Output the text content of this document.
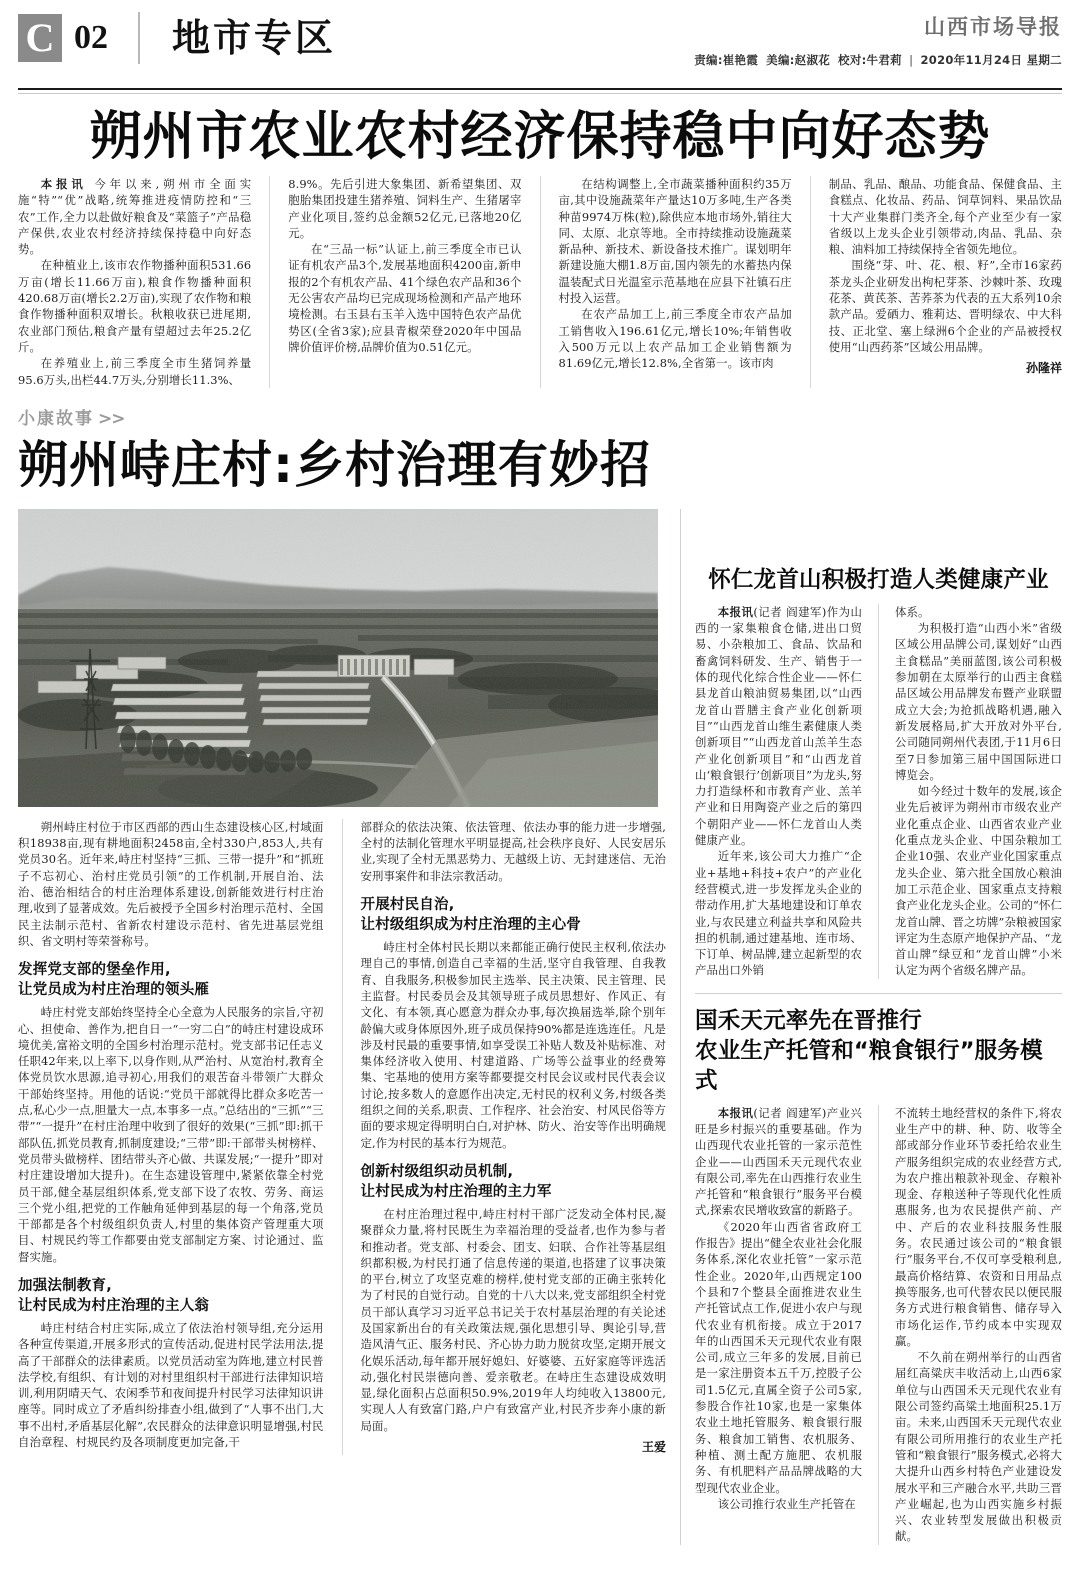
C 02 地市专区	山西市场导报
责编:崔艳霞 美编:赵淑花 校对:牛君莉 | 2020年11月24日 星期二
朔州市农业农村经济保持稳中向好态势

本报讯 今年以来,朔州市全面实施“特”“优”战略,统筹推进疫情防控和“三农”工作,全力以赴做好粮食及“菜篮子”产品稳产保供,农业农村经济持续保持稳中向好态势。

在种植业上,该市农作物播种面积531.66万亩(增长11.66万亩),粮食作物播种面积420.68万亩(增长2.2万亩),实现了农作物和粮食作物播种面积双增长。秋粮收获已进尾期,农业部门预估,粮食产量有望超过去年25.2亿斤。

在养殖业上,前三季度全市生猪饲养量95.6万头,出栏44.7万头,分别增长11.3%、

8.9%。先后引进大象集团、新希望集团、双胞胎集团投建生猪养殖、饲料生产、生猪屠宰产业化项目,签约总金额52亿元,已落地20亿元。

在“三品一标”认证上,前三季度全市已认证有机农产品3个,发展基地面积4200亩,新申报的2个有机农产品、41个绿色农产品和36个无公害农产品均已完成现场检测和产品产地环境检测。右玉县右玉羊入选中国特色农产品优势区(全省3家);应县青椒荣登2020年中国品牌价值评价榜,品牌价值为0.51亿元。

在结构调整上,全市蔬菜播种面积约35万亩,其中设施蔬菜年产量达10万多吨,生产各类种苗9974万株(粒),除供应本地市场外,销往大同、太原、北京等地。全市持续推动设施蔬菜新品种、新技术、新设备技术推广。谋划明年新建设施大棚1.8万亩,国内领先的水蓄热内保温装配式日光温室示范基地在应县下社镇石庄村投入运营。

在农产品加工上,前三季度全市农产品加工销售收入196.61亿元,增长10%;年销售收入500万元以上农产品加工企业销售额为81.69亿元,增长12.8%,全省第一。该市肉

制品、乳品、酿品、功能食品、保健食品、主食糕点、化妆品、药品、饲草饲料、果品饮品十大产业集群门类齐全,每个产业至少有一家省级以上龙头企业引领带动,肉品、乳品、杂粮、油料加工持续保持全省领先地位。

围绕“芽、叶、花、根、籽”,全市16家药茶龙头企业研发出枸杞芽茶、沙棘叶茶、玫瑰花茶、黄芪茶、苦荞茶为代表的五大系列10余款产品。爱硒力、雅莉达、晋明绿农、中大科技、正北堂、塞上绿洲6个企业的产品被授权使用“山西药茶”区域公用品牌。

孙隆祥
小康故事 >>
朔州峙庄村:乡村治理有妙招

朔州峙庄村位于市区西部的西山生态建设核心区,村域面积18938亩,现有耕地面积2458亩,全村330户,853人,共有党员30名。近年来,峙庄村坚持“三抓、三带一提升”和“抓班子不忘初心、治村庄党员引领”的工作机制,开展自治、法治、德治相结合的村庄治理体系建设,创新能效进行村庄治理,收到了显著成效。先后被授予全国乡村治理示范村、全国民主法制示范村、省新农村建设示范村、省先进基层党组织、省文明村等荣誉称号。

发挥党支部的堡垒作用,
让党员成为村庄治理的领头雁

峙庄村党支部始终坚持全心全意为人民服务的宗旨,守初心、担使命、善作为,把自日一“一穷二白”的峙庄村建设成环境优美,富裕文明的全国乡村治理示范村。党支部书记任志义任职42年来,以上率下,以身作则,从严治村、从宽治村,教育全体党员饮水思源,追寻初心,用我们的艰苦奋斗带领广大群众干部始终坚持。用他的话说:“党员干部就得比群众多吃苦一点,私心少一点,胆量大一点,本事多一点。”总结出的“三抓”“三带”“一提升”在村庄治理中收到了很好的效果(“三抓”即:抓干部队伍,抓党员教育,抓制度建设;“三带”即:干部带头树榜样、党员带头做榜样、团结带头齐心做、共谋发展;“一提升”即对村庄建设增加大提升)。在生态建设管理中,紧紧依靠全村党员干部,健全基层组织体系,党支部下设了农牧、劳务、商运三个党小组,把党的工作触角延伸到基层的每一个角落,党员干部都是各个村级组织负责人,村里的集体资产管理重大项目、村规民约等工作都要由党支部制定方案、讨论通过、监督实施。

加强法制教育,
让村民成为村庄治理的主人翁

峙庄村结合村庄实际,成立了依法治村领导组,充分运用各种宣传渠道,开展多形式的宣传活动,促进村民学法用法,提高了干部群众的法律素质。以党员活动室为阵地,建立村民普法学校,有组织、有计划的对村里组织村干部进行法律知识培训,利用阴晴天气、农闲季节和夜间提升村民学习法律知识讲座等。同时成立了矛盾纠纷排查小组,做到了“人事不出门,大事不出村,矛盾基层化解”,农民群众的法律意识明显增强,村民自治章程、村规民约及各项制度更加完备,干

部群众的依法决策、依法管理、依法办事的能力进一步增强,全村的法制化管理水平明显提高,社会秩序良好、人民安居乐业,实现了全村无黑恶势力、无越级上访、无封建迷信、无治安刑事案件和非法宗教活动。

开展村民自治,
让村级组织成为村庄治理的主心骨

峙庄村全体村民长期以来都能正确行使民主权利,依法办理自己的事情,创造自己幸福的生活,坚守自我管理、自我教育、自我服务,积极参加民主选举、民主决策、民主管理、民主监督。村民委员会及其领导班子成员思想好、作风正、有文化、有本领,真心愿意为群众办事,每次换届选举,除个别年龄偏大或身体原因外,班子成员保持90%都是连选连任。凡是涉及村民最的重要事情,如享受误工补贴人数及补贴标准、对集体经济收入使用、村建道路、广场等公益事业的经费筹集、宅基地的使用方案等都要提交村民会议或村民代表会议讨论,按多数人的意愿作出决定,无村民的权利义务,村级各类组织之间的关系,职责、工作程序、社会治安、村风民俗等方面的要求规定得明明白白,对护林、防火、治安等作出明确规定,作为村民的基本行为规范。

创新村级组织动员机制,
让村民成为村庄治理的主力军

在村庄治理过程中,峙庄村村干部广泛发动全体村民,凝聚群众力量,将村民既生为幸福治理的受益者,也作为参与者和推动者。党支部、村委会、团支、妇联、合作社等基层组织都积极,为村民打通了信息传递的渠道,也搭建了议事决策的平台,树立了攻坚克难的榜样,使村党支部的正确主张转化为了村民的自觉行动。自党的十八大以来,党支部组织全村党员干部认真学习习近平总书记关于农村基层治理的有关论述及国家新出台的有关政策法规,强化思想引导、舆论引导,营造风清气正、服务村民、齐心协力助力脱贫攻坚,定期开展文化娱乐活动,每年都开展好媳妇、好婆婆、五好家庭等评选活动,强化村民崇德向善、爱亲敬老。在峙庄生态建设成效明显,绿化面积占总面积50.9%,2019年人均纯收入13800元,实现人人有致富门路,户户有致富产业,村民齐步奔小康的新局面。

王爱
怀仁龙首山积极打造人类健康产业

本报讯(记者 阎建军)作为山西的一家集粮食仓储,进出口贸易、小杂粮加工、食品、饮品和畜禽饲料研发、生产、销售于一体的现代化综合性企业——怀仁县龙首山粮油贸易集团,以“山西龙首山晋膳主食产业化创新项目”“山西龙首山维生素健康人类创新项目”“山西龙首山羔羊生态产业化创新项目”和“山西龙首山‘粮食银行’创新项目”为龙头,努力打造绿杯和市教育产业、羔羊产业和日用陶瓷产业之后的第四个朝阳产业——怀仁龙首山人类健康产业。

近年来,该公司大力推广“企业+基地+科技+农户”的产业化经营模式,进一步发挥龙头企业的带动作用,扩大基地建设和订单农业,与农民建立利益共享和风险共担的机制,通过建基地、连市场、下订单、树品牌,建立起新型的农产品出口外销

体系。

为积极打造“山西小米”省级区域公用品牌公司,谋划好“山西主食糕品”美丽蓝图,该公司积极参加朝在太原举行的山西主食糕品区域公用品牌发布暨产业联盟成立大会;为抢抓战略机遇,融入新发展格局,扩大开放对外平台,公司随同朔州代表团,于11月6日至7日参加第三届中国国际进口博览会。

如今经过十数年的发展,该企业先后被评为朔州市市级农业产业化重点企业、山西省农业产业化重点龙头企业、中国杂粮加工企业10强、农业产业化国家重点龙头企业、第六批全国放心粮油加工示范企业、国家重点支持粮食产业化龙头企业。公司的“怀仁龙首山牌、晋之坊牌”杂粮被国家评定为生态原产地保护产品、“龙首山牌”绿豆和“龙首山牌”小米认定为两个省级名牌产品。

国禾天元率先在晋推行
农业生产托管和“粮食银行”服务模式

本报讯(记者 阎建军)产业兴旺是乡村振兴的重要基础。作为山西现代农业托管的一家示范性企业——山西国禾天元现代农业有限公司,率先在山西推行农业生产托管和“粮食银行”服务平台模式,探索农民增收致富的新路子。

《2020年山西省省政府工作报告》提出“健全农业社会化服务体系,深化农业托管”一家示范性企业。2020年,山西规定100个县和7个整县全面推进农业生产托管试点工作,促进小农户与现代农业有机衔接。成立于2017年的山西国禾天元现代农业有限公司,成立三年多的发展,目前已是一家注册资本五千万,控股子公司1.5亿元,直属全资子公司5家,参股合作社10家,也是一家集体农业土地托管服务、粮食银行服务、粮食加工销售、农机服务、种植、测土配方施肥、农机服务、有机肥料产品品牌战略的大型现代农业企业。

该公司推行农业生产托管在

不流转土地经营权的条件下,将农业生产中的耕、种、防、收等全部或部分作业环节委托给农业生产服务组织完成的农业经营方式,为农户推出粮款补现金、存粮补现金、存粮送种子等现代化性质惠服务,也为农民提供产前、产中、产后的农业科技服务性服务。农民通过该公司的“粮食银行”服务平台,不仅可享受粮利息,最高价格结算、农资和日用品点换等服务,也可代替农民以便民服务方式进行粮食销售、储存导入市场化运作,节约成本中实现双赢。

不久前在朔州举行的山西省届红高粱庆丰收活动上,山西6家单位与山西国禾天元现代农业有限公司签约高粱土地面积25.1万亩。未来,山西国禾天元现代农业有限公司所用推行的农业生产托管和“粮食银行”服务模式,必将大大提升山西乡村特色产业建设发展水平和三产融合水平,共助三晋产业崛起,也为山西实施乡村振兴、农业转型发展做出积极贡献。
